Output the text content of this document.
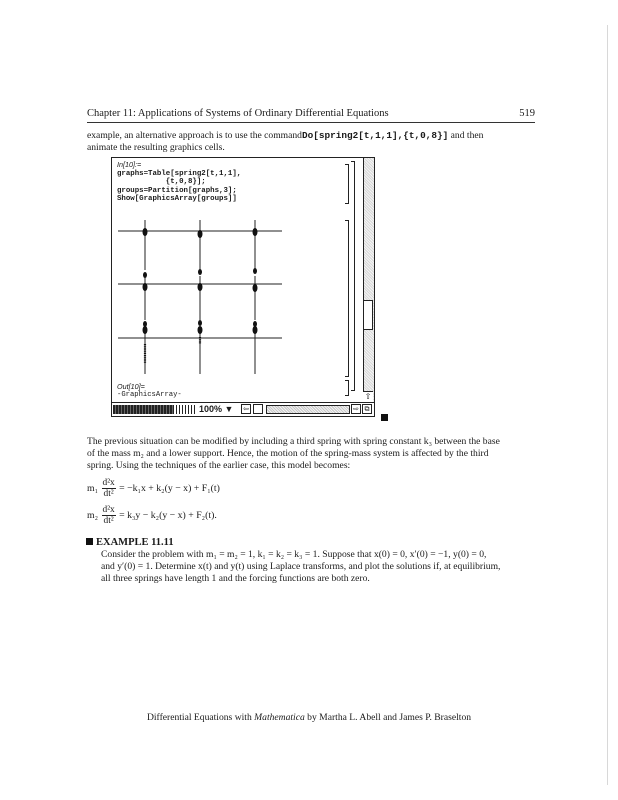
Chapter 11: Applications of Systems of Ordinary Differential Equations	519
example, an alternative approach is to use the commandDo[spring2[t,1,1],{t,0,8}] and then
animate the resulting graphics cells.
In[10]:=
graphs=Table[spring2[t,1,1],
{t,0,8}];
groups=Partition[graphs,3];
Show[GraphicsArray[groups]]
Out[10]=
-GraphicsArray-	⇧
100% ▼ ⇦	⇨ ⧉
The previous situation can be modified by including a third spring with spring constant k₃ between the base
of the mass m₂ and a lower support. Hence, the motion of the spring-mass system is affected by the third
spring. Using the techniques of the earlier case, this model becomes:
$m_1 \frac{\text{d²x}}{\text{dt²}} = -k_1x + k_2(y - x) + F_1(t)$
$m_2 \frac{\text{d²x}}{\text{dt²}} = k_3y - k_2(y - x) + F_2(t)$.
EXAMPLE 11.11
Consider the problem with m₁ = m₂ = 1, k₁ = k₂ = k₃ = 1. Suppose that x(0) = 0, x′(0) = −1, y(0) = 0,
and y′(0) = 1. Determine x(t) and y(t) using Laplace transforms, and plot the solutions if, at equilibrium,
all three springs have length 1 and the forcing functions are both zero.
Differential Equations with Mathematica by Martha L. Abell and James P. Braselton
